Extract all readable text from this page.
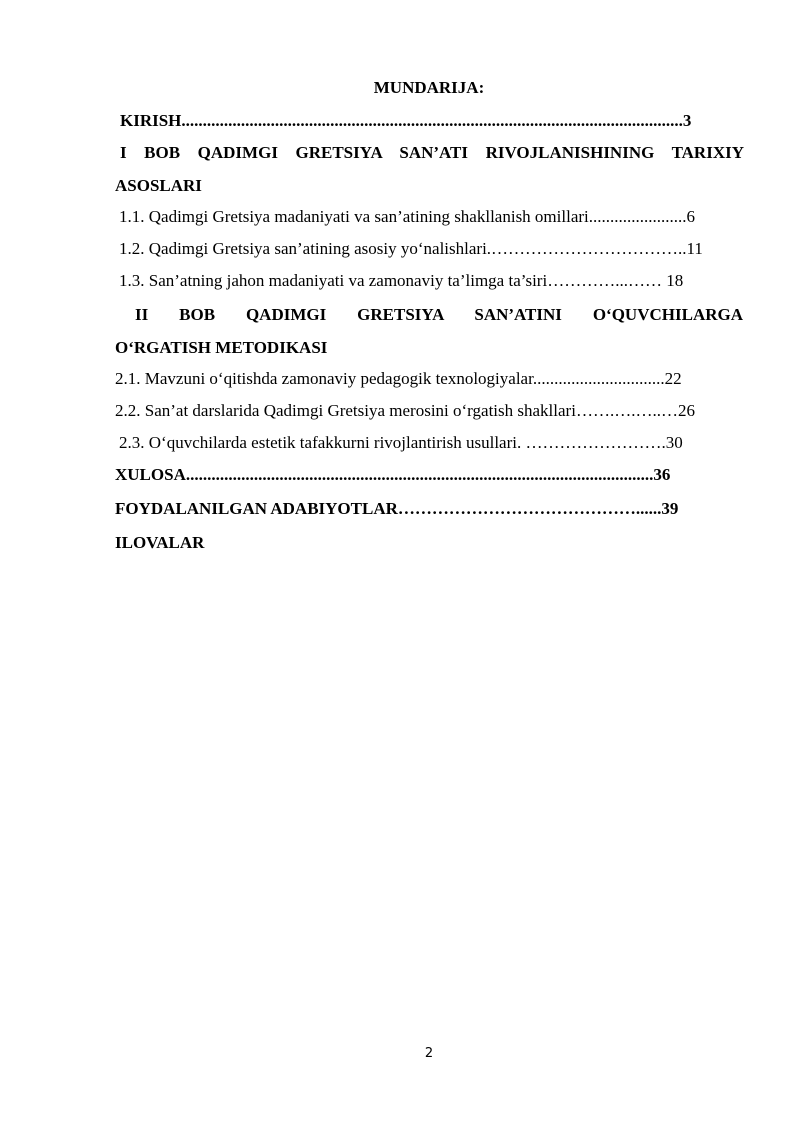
MUNDARIJA:
KIRISH......................................................................................................................3
I BOB QADIMGI GRETSIYA SAN’ATI RIVOJLANISHINING TARIXIY
ASOSLARI
1.1. Qadimgi Gretsiya madaniyati va san’atining shakllanish omillari.......................6
1.2. Qadimgi Gretsiya san’atining asosiy yo‘nalishlari.……………………………..11
1.3. San’atning jahon madaniyati va zamonaviy ta’limga ta’siri…………...…… 18
II BOB QADIMGI GRETSIYA SAN’ATINI O‘QUVCHILARGA
O‘RGATISH METODIKASI
2.1. Mavzuni o‘qitishda zamonaviy pedagogik texnologiyalar...............................22
2.2. San’at darslarida Qadimgi Gretsiya merosini o‘rgatish shakllari…….….…..…26
2.3. O‘quvchilarda estetik tafakkurni rivojlantirish usullari. …………………….30
XULOSA..............................................................................................................36
FOYDALANILGAN ADABIYOTLAR……………………………………......39
ILOVALAR
2
